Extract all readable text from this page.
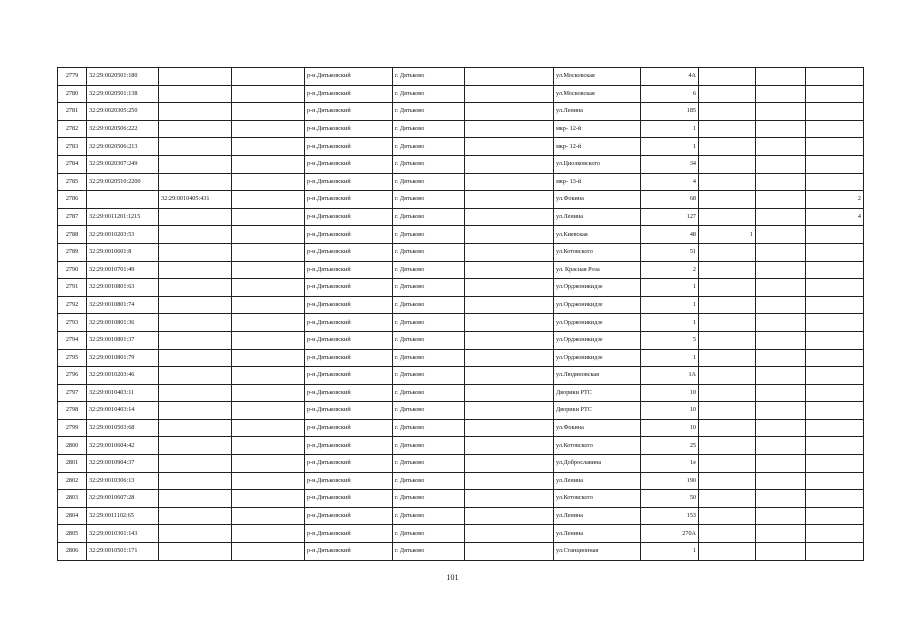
2779	32:29:0020501:180			р-н.Дятьковский	г. Дятьково		ул.Московская	4А			
2780	32:29:0020501:138			р-н.Дятьковский	г. Дятьково		ул.Московская	6			
2781	32:29:0020305:250			р-н.Дятьковский	г. Дятьково		ул.Ленина	185			
2782	32:29:0020506:222			р-н.Дятьковский	г. Дятьково		мкр- 12-й	1			
2783	32:29:0020506:213			р-н.Дятьковский	г. Дятьково		мкр- 12-й	1			
2784	32:29:0020307:249			р-н.Дятьковский	г. Дятьково		ул.Циолковского	34			
2785	32:29:0020510:2200			р-н.Дятьковский	г. Дятьково		мкр- 13-й	4			
2786		32:29:0010405:431		р-н.Дятьковский	г. Дятьково		ул.Фокина	68			2
2787	32:29:0011201:1215			р-н.Дятьковский	г. Дятьково		ул.Ленина	127			4
2788	32:29:0010203:53			р-н.Дятьковский	г. Дятьково		ул.Киевская	48	1		
2789	32:29:0010601:8			р-н.Дятьковский	г. Дятьково		ул.Котовского	51			
2790	32:29:0010701:49			р-н.Дятьковский	г. Дятьково		ул. Красная Роза	2			
2791	32:29:0010801:63			р-н.Дятьковский	г. Дятьково		ул.Орджоникидзе	1			
2792	32:29:0010801:74			р-н.Дятьковский	г. Дятьково		ул.Орджоникидзе	1			
2793	32:29:0010801:36			р-н.Дятьковский	г. Дятьково		ул.Орджоникидзе	1			
2794	32:29:0010801:37			р-н.Дятьковский	г. Дятьково		ул.Орджоникидзе	5			
2795	32:29:0010801:79			р-н.Дятьковский	г. Дятьково		ул.Орджоникидзе	1			
2796	32:29:0010203:46			р-н.Дятьковский	г. Дятьково		ул.Людиновская	1А			
2797	32:29:0010403:11			р-н.Дятьковский	г. Дятьково		Дворики РТС	10			
2798	32:29:0010403:14			р-н.Дятьковский	г. Дятьково		Дворики РТС	10			
2799	32:29:0010503:68			р-н.Дятьковский	г. Дятьково		ул.Фокина	10			
2800	32:29:0010604:42			р-н.Дятьковский	г. Дятьково		ул.Котовского	25			
2801	32:29:0010904:37			р-н.Дятьковский	г. Дятьково		ул.Доброславина	1е			
2802	32:29:0010306:13			р-н.Дятьковский	г. Дятьково		ул.Ленина	190			
2803	32:29:0010607:28			р-н.Дятьковский	г. Дятьково		ул.Котовского	50			
2804	32:29:0011102:65			р-н.Дятьковский	г. Дятьково		ул.Ленина	153			
2805	32:29:0010301:143			р-н.Дятьковский	г. Дятьково		ул.Ленина	270А			
2806	32:29:0010501:171			р-н.Дятьковский	г. Дятьково		ул.Станционная	1			
101
